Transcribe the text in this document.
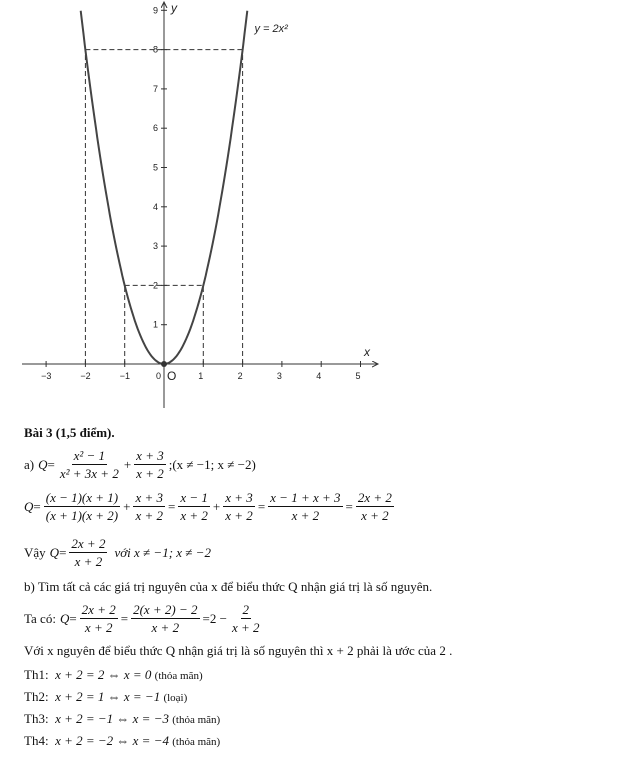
−3	−2	−1	0	1	2	3	4	5
1
2
3
4
5
6
7
8
9
O
x
y
y = 2x²
Bài 3 (1,5 điểm).
a) $Q = \frac{\text{x² − 1}}{\text{x² + 3x + 2}} + \frac{x + 3}{x + 2}$ ;(x ≠ −1; x ≠ −2)
$Q = \frac{(x - 1)(x + 1)}{(x + 1)(x + 2)} + \frac{x + 3}{x + 2} = \frac{x - 1}{x + 2} + \frac{x + 3}{x + 2} = \frac{x - 1 + x + 3}{x + 2} = \frac{2x + 2}{x + 2}$
Vậy $Q = \frac{2x + 2}{x + 2}$ với x ≠ −1; x ≠ −2
b) Tìm tất cả các giá trị nguyên của x để biểu thức Q nhận giá trị là số nguyên.
Ta có: $Q = \frac{2x + 2}{x + 2} = \frac{2(x + 2) - 2}{x + 2} = 2 - \frac{2}{x + 2}$
Với x nguyên để biểu thức Q nhận giá trị là số nguyên thì x + 2 phải là ước của 2 .
Th1: x + 2 = 2 ⇔ x = 0 (thỏa mãn)
Th2: x + 2 = 1 ⇔ x = −1 (loại)
Th3: x + 2 = −1 ⇔ x = −3 (thỏa mãn)
Th4: x + 2 = −2 ⇔ x = −4 (thỏa mãn)
